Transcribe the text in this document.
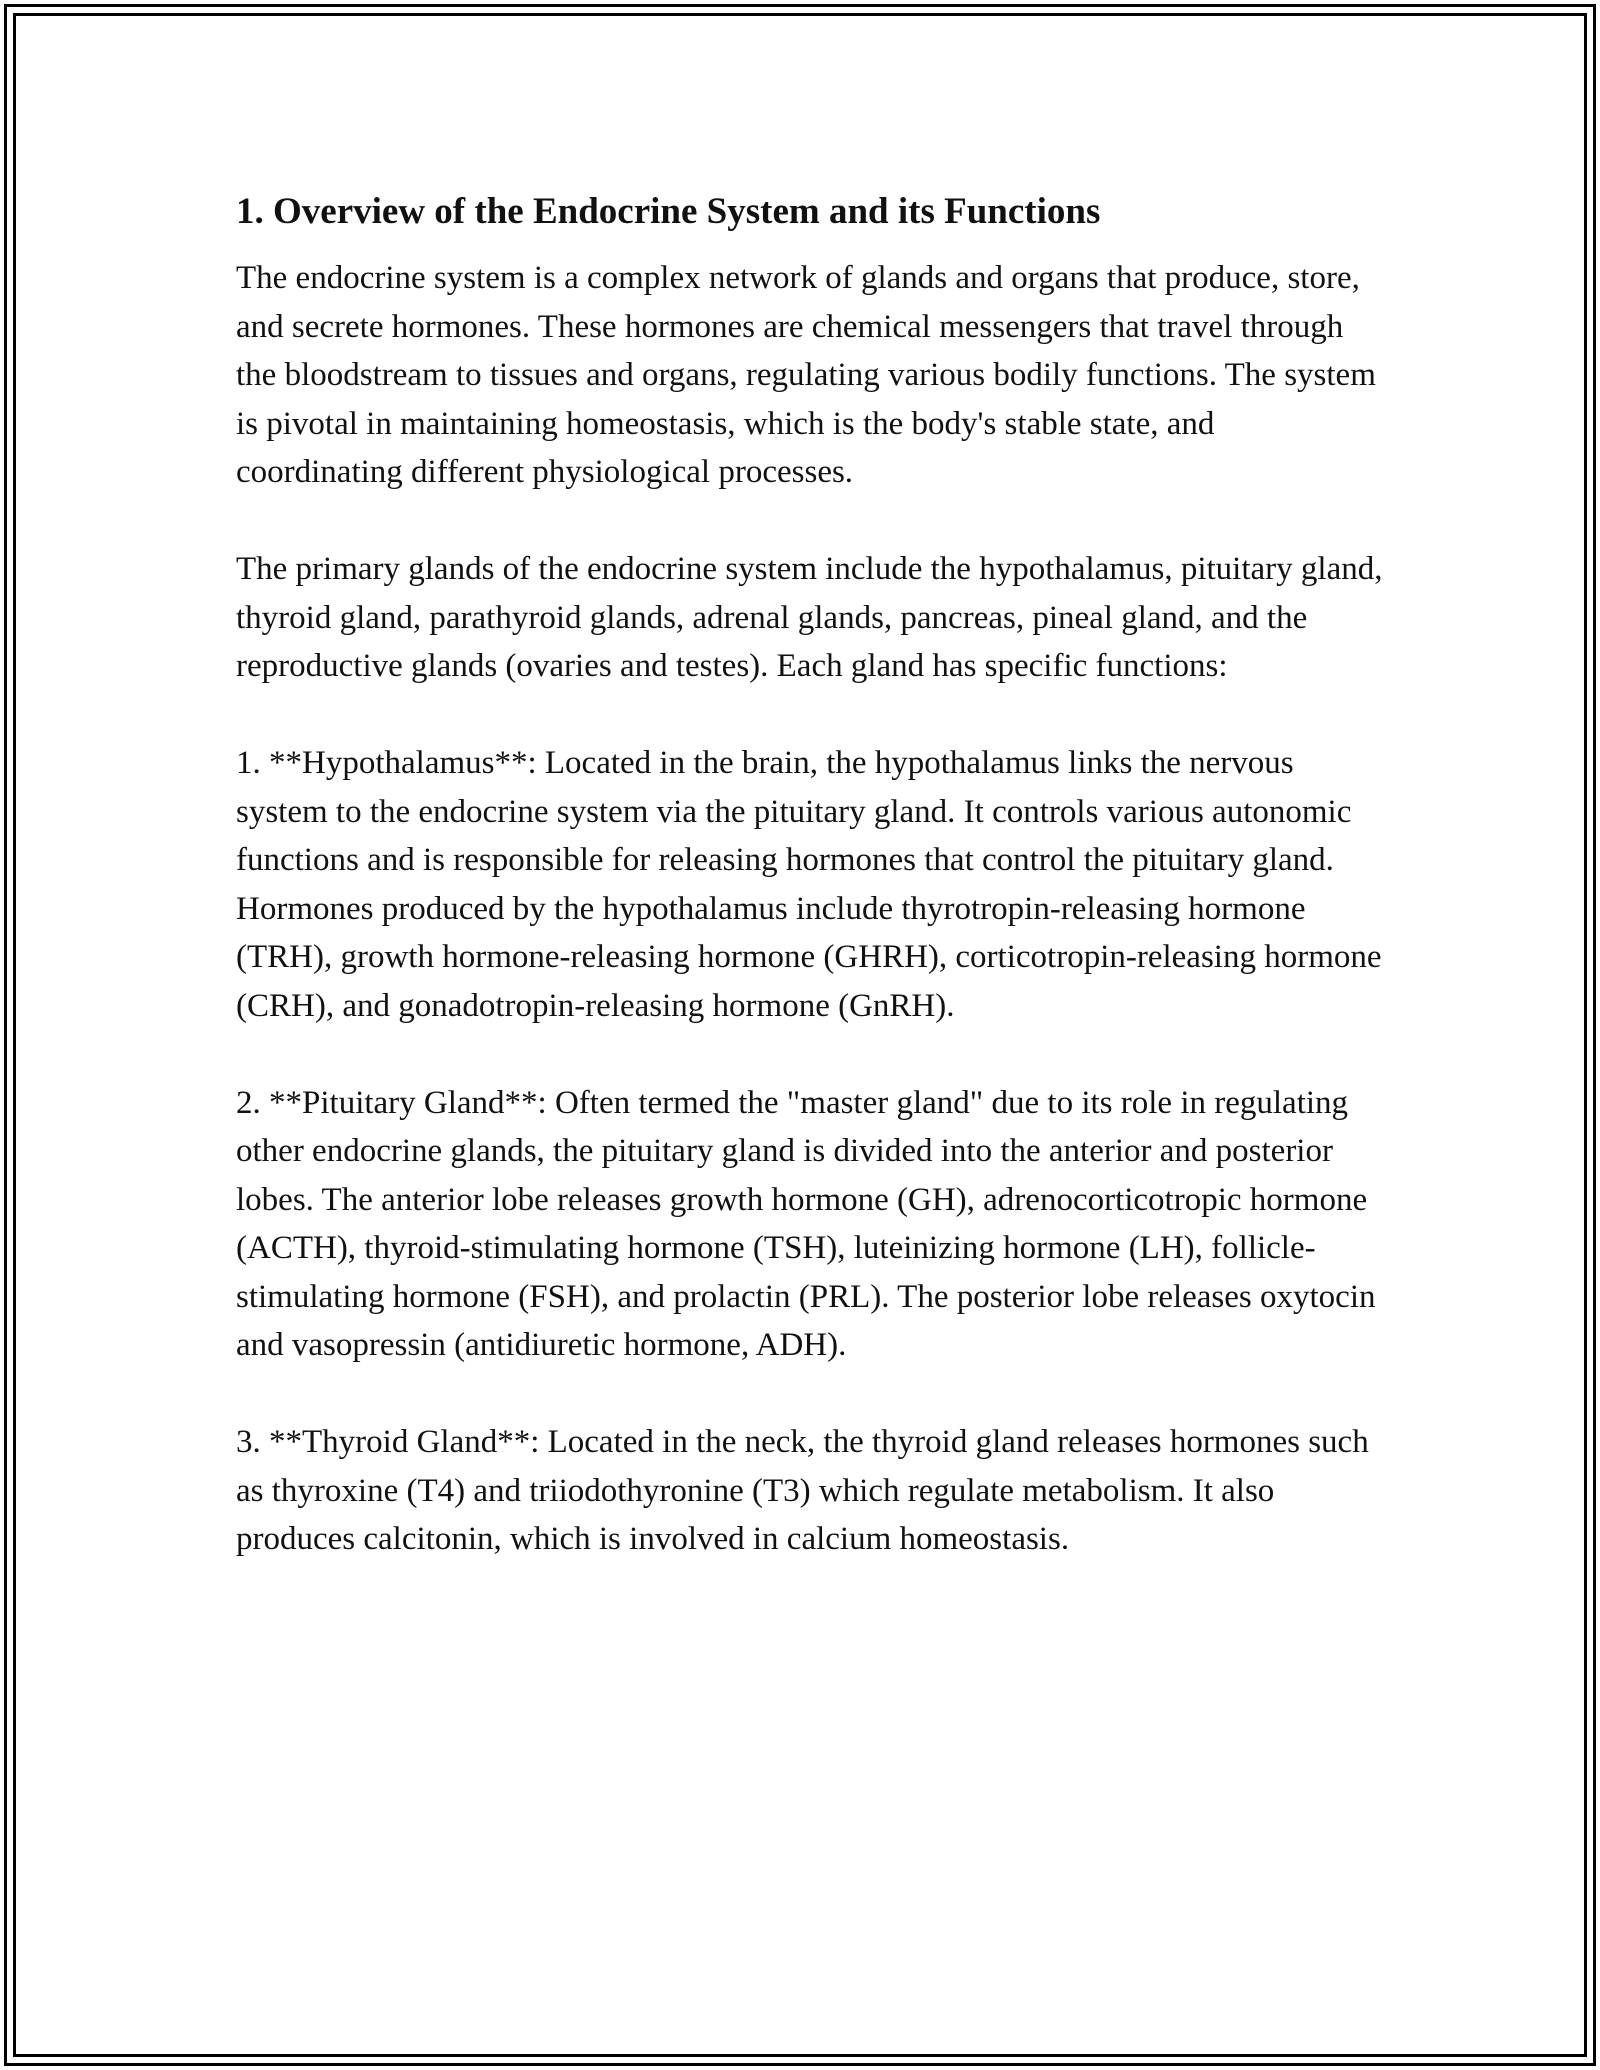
1. Overview of the Endocrine System and its Functions

The endocrine system is a complex network of glands and organs that produce, store, and secrete hormones. These hormones are chemical messengers that travel through the bloodstream to tissues and organs, regulating various bodily functions. The system is pivotal in maintaining homeostasis, which is the body's stable state, and coordinating different physiological processes.

The primary glands of the endocrine system include the hypothalamus, pituitary gland, thyroid gland, parathyroid glands, adrenal glands, pancreas, pineal gland, and the reproductive glands (ovaries and testes). Each gland has specific functions:

1. **Hypothalamus**: Located in the brain, the hypothalamus links the nervous system to the endocrine system via the pituitary gland. It controls various autonomic functions and is responsible for releasing hormones that control the pituitary gland. Hormones produced by the hypothalamus include thyrotropin-releasing hormone (TRH), growth hormone-releasing hormone (GHRH), corticotropin-releasing hormone (CRH), and gonadotropin-releasing hormone (GnRH).

2. **Pituitary Gland**: Often termed the "master gland" due to its role in regulating other endocrine glands, the pituitary gland is divided into the anterior and posterior lobes. The anterior lobe releases growth hormone (GH), adrenocorticotropic hormone (ACTH), thyroid-stimulating hormone (TSH), luteinizing hormone (LH), follicle-stimulating hormone (FSH), and prolactin (PRL). The posterior lobe releases oxytocin and vasopressin (antidiuretic hormone, ADH).

3. **Thyroid Gland**: Located in the neck, the thyroid gland releases hormones such as thyroxine (T4) and triiodothyronine (T3) which regulate metabolism. It also produces calcitonin, which is involved in calcium homeostasis.
